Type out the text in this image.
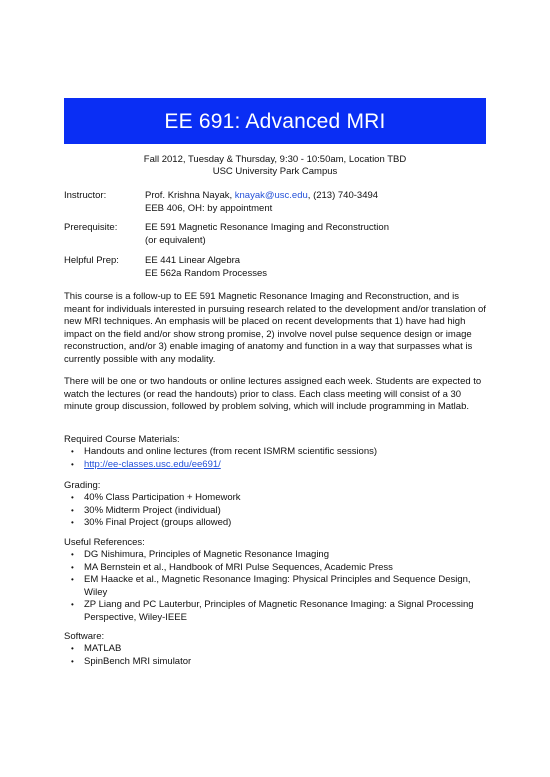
EE 691: Advanced MRI
Fall 2012, Tuesday & Thursday, 9:30 - 10:50am, Location TBD
USC University Park Campus
Instructor:	Prof. Krishna Nayak, knayak@usc.edu, (213) 740-3494
EEB 406, OH: by appointment
Prerequisite:	EE 591 Magnetic Resonance Imaging and Reconstruction
(or equivalent)
Helpful Prep:	EE 441 Linear Algebra
EE 562a Random Processes
This course is a follow-up to EE 591 Magnetic Resonance Imaging and Reconstruction, and is meant for individuals interested in pursuing research related to the development and/or translation of new MRI techniques. An emphasis will be placed on recent developments that 1) have had high impact on the field and/or show strong promise, 2) involve novel pulse sequence design or image reconstruction, and/or 3) enable imaging of anatomy and function in a way that surpasses what is currently possible with any modality.
There will be one or two handouts or online lectures assigned each week. Students are expected to watch the lectures (or read the handouts) prior to class. Each class meeting will consist of a 30 minute group discussion, followed by problem solving, which will include programming in Matlab.
Required Course Materials:
•	Handouts and online lectures (from recent ISMRM scientific sessions)
•	http://ee-classes.usc.edu/ee691/
Grading:
•	40% Class Participation + Homework
•	30% Midterm Project (individual)
•	30% Final Project (groups allowed)
Useful References:
•	DG Nishimura, Principles of Magnetic Resonance Imaging
•	MA Bernstein et al., Handbook of MRI Pulse Sequences, Academic Press
•	EM Haacke et al., Magnetic Resonance Imaging: Physical Principles and Sequence Design, Wiley
•	ZP Liang and PC Lauterbur, Principles of Magnetic Resonance Imaging: a Signal Processing Perspective, Wiley-IEEE
Software:
•	MATLAB
•	SpinBench MRI simulator
